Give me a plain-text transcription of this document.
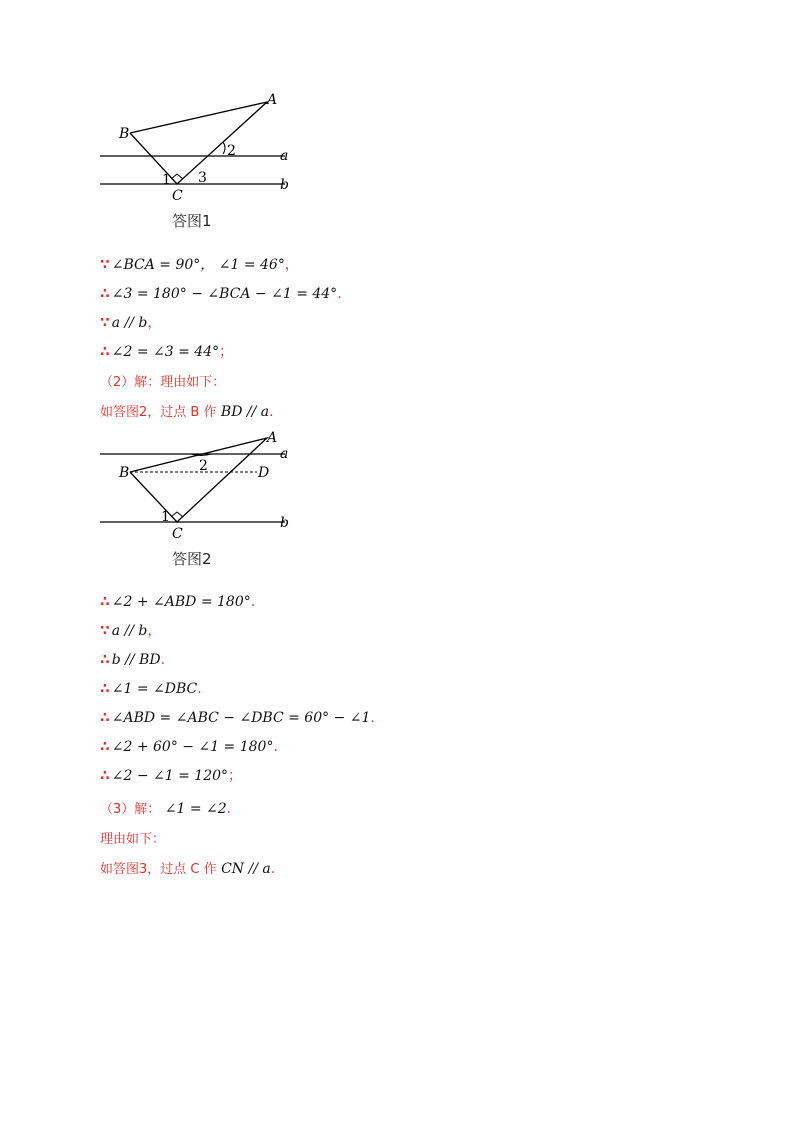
A
B
C
a
b
1
2
3
答图1
∵ ∠BCA = 90°， ∠1 = 46°，
∴ ∠3 = 180° − ∠BCA − ∠1 = 44°.
∵ a // b，
∴ ∠2 = ∠3 = 44°；
（2）解：理由如下：
如答图2，过点 B 作 BD // a.
A
B
C
D
a
b
1
2
答图2
∴ ∠2 + ∠ABD = 180°.
∵ a // b，
∴ b // BD.
∴ ∠1 = ∠DBC.
∴ ∠ABD = ∠ABC − ∠DBC = 60° − ∠1.
∴ ∠2 + 60° − ∠1 = 180°.
∴ ∠2 − ∠1 = 120°；
（3）解： ∠1 = ∠2.
理由如下：
如答图3，过点 C 作 CN // a.
